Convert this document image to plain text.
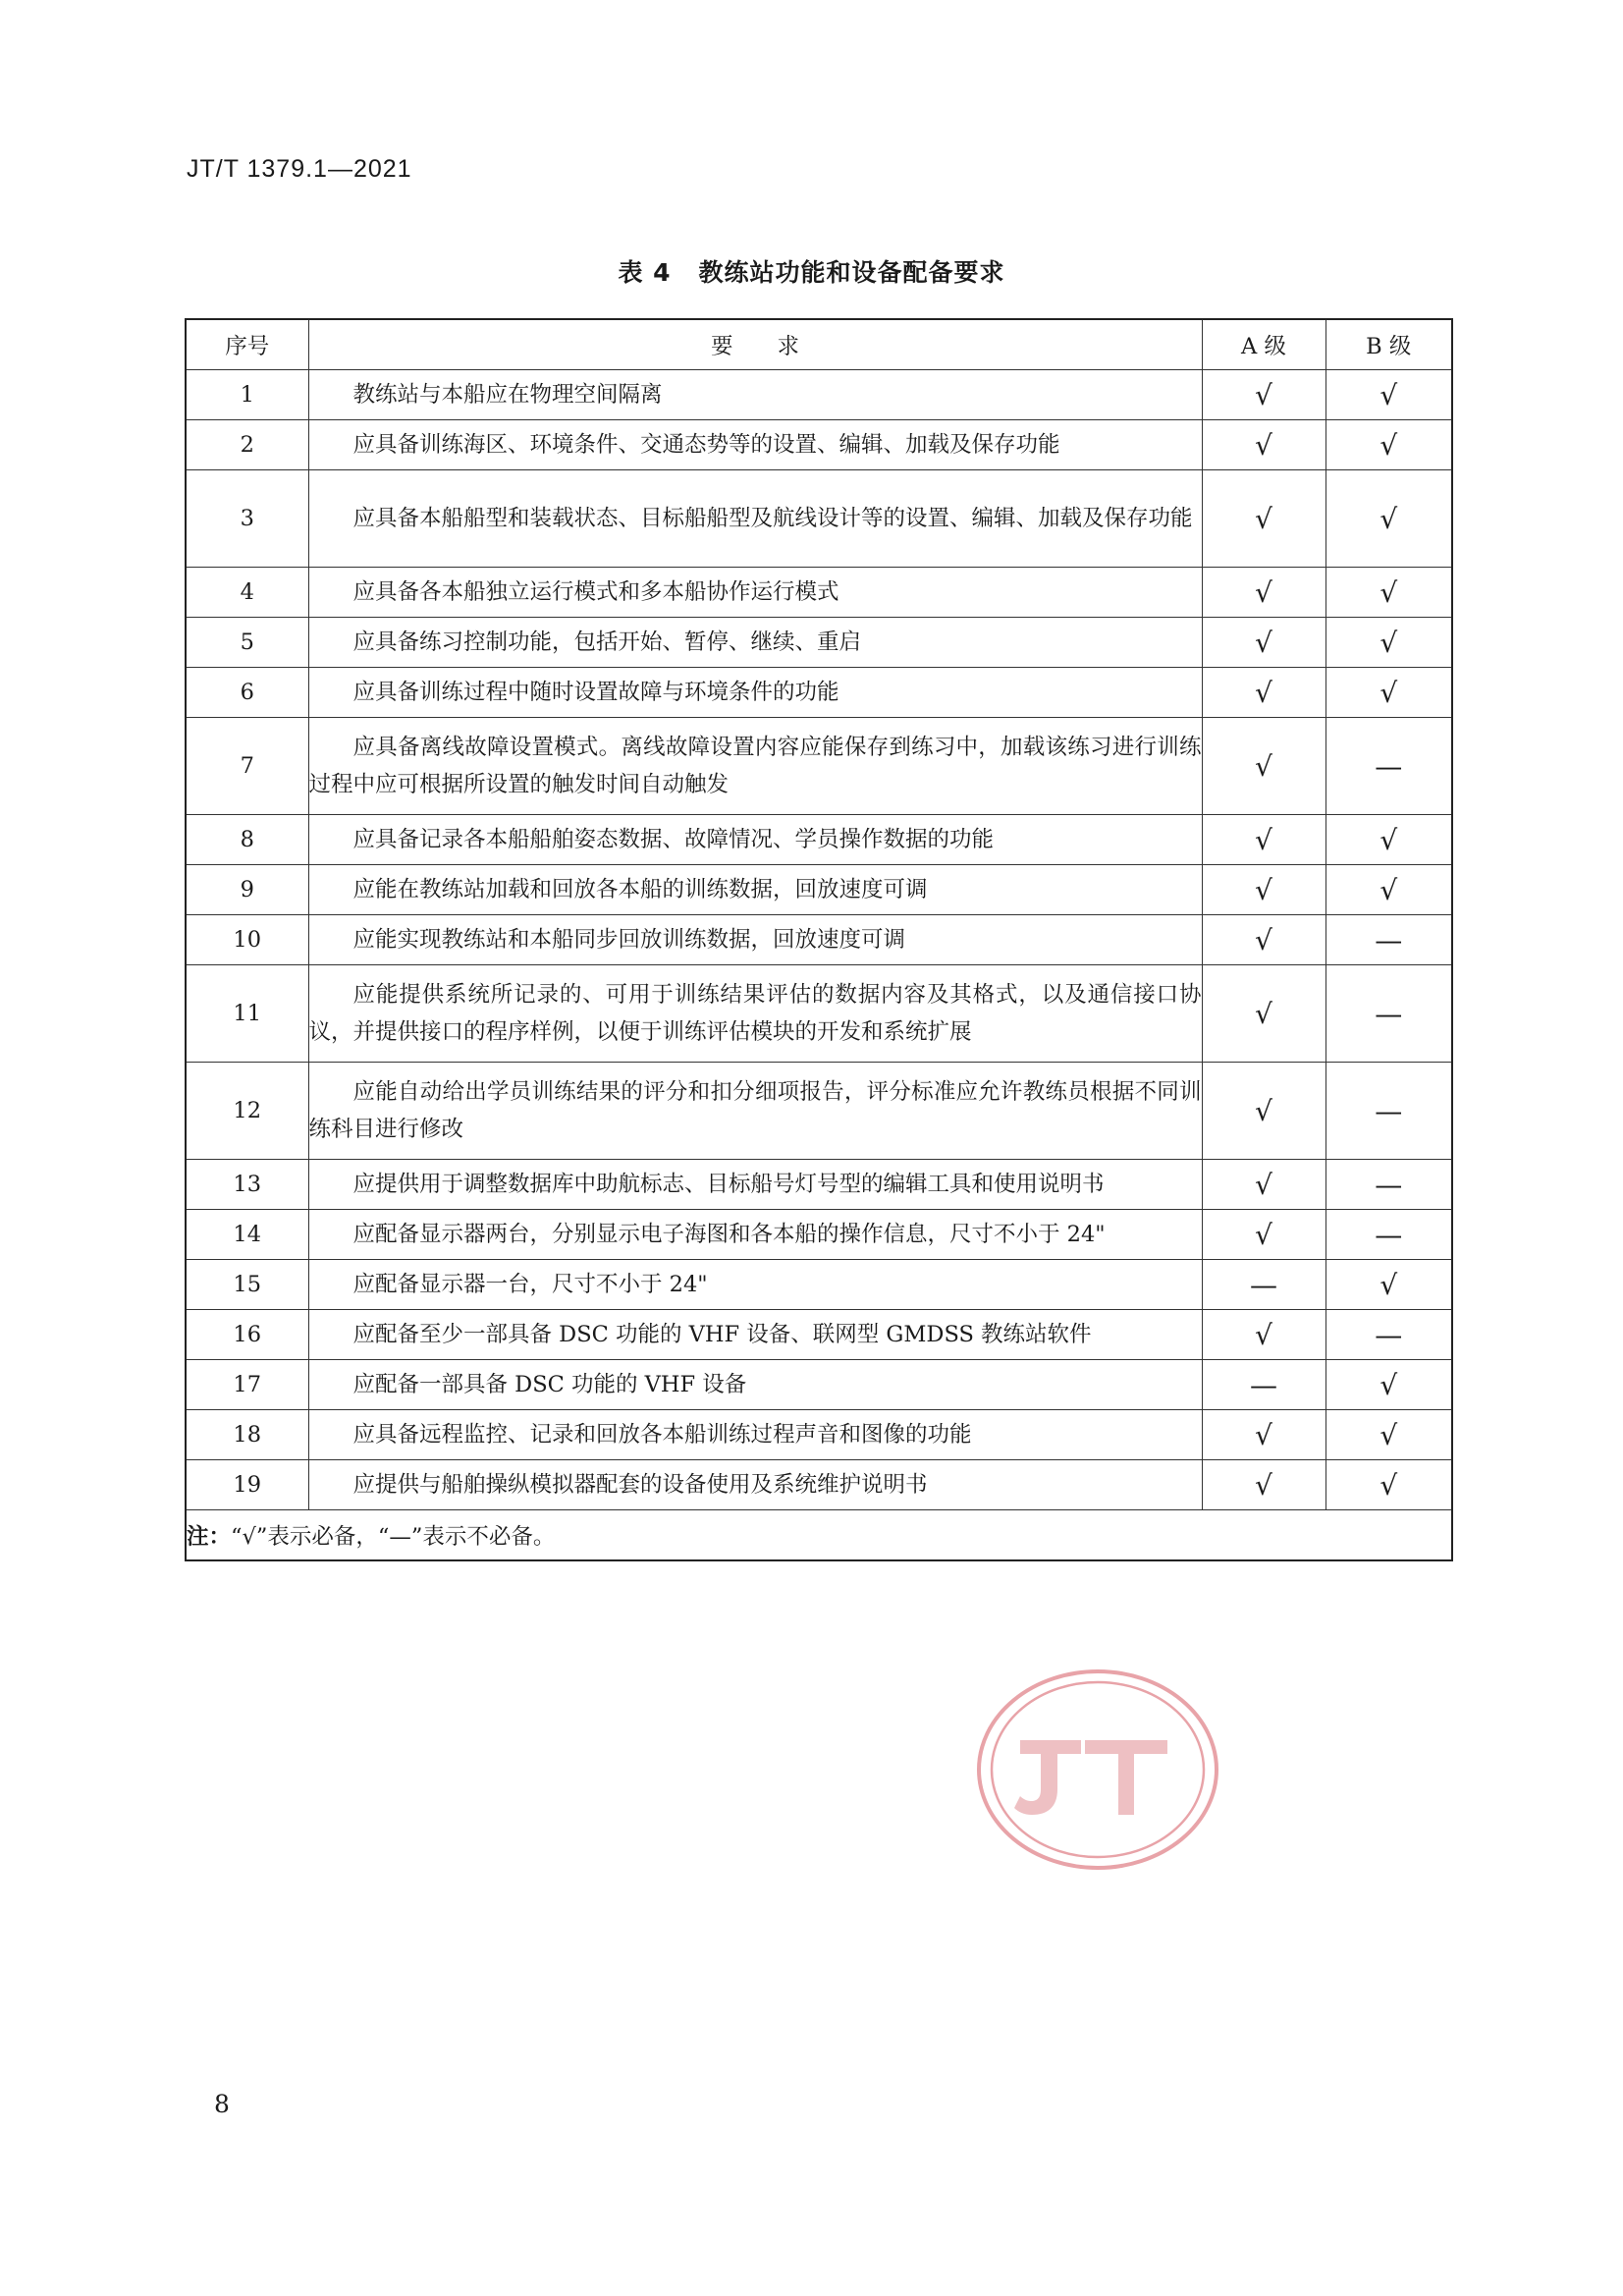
JT/T 1379.1—2021
表 4 教练站功能和设备配备要求
序号	要　　求	A 级	B 级
1	教练站与本船应在物理空间隔离	√	√
2	应具备训练海区、环境条件、交通态势等的设置、编辑、加载及保存功能	√	√
3	应具备本船船型和装载状态、目标船船型及航线设计等的设置、编辑、加载及保存功能	√	√
4	应具备各本船独立运行模式和多本船协作运行模式	√	√
5	应具备练习控制功能，包括开始、暂停、继续、重启	√	√
6	应具备训练过程中随时设置故障与环境条件的功能	√	√
7	应具备离线故障设置模式。离线故障设置内容应能保存到练习中，加载该练习进行训练过程中应可根据所设置的触发时间自动触发	√	—
8	应具备记录各本船船舶姿态数据、故障情况、学员操作数据的功能	√	√
9	应能在教练站加载和回放各本船的训练数据，回放速度可调	√	√
10	应能实现教练站和本船同步回放训练数据，回放速度可调	√	—
11	应能提供系统所记录的、可用于训练结果评估的数据内容及其格式，以及通信接口协议，并提供接口的程序样例，以便于训练评估模块的开发和系统扩展	√	—
12	应能自动给出学员训练结果的评分和扣分细项报告，评分标准应允许教练员根据不同训练科目进行修改	√	—
13	应提供用于调整数据库中助航标志、目标船号灯号型的编辑工具和使用说明书	√	—
14	应配备显示器两台，分别显示电子海图和各本船的操作信息，尺寸不小于 24"	√	—
15	应配备显示器一台，尺寸不小于 24"	—	√
16	应配备至少一部具备 DSC 功能的 VHF 设备、联网型 GMDSS 教练站软件	√	—
17	应配备一部具备 DSC 功能的 VHF 设备	—	√
18	应具备远程监控、记录和回放各本船训练过程声音和图像的功能	√	√
19	应提供与船舶操纵模拟器配套的设备使用及系统维护说明书	√	√
注：“√”表示必备，“—”表示不必备。			
8
